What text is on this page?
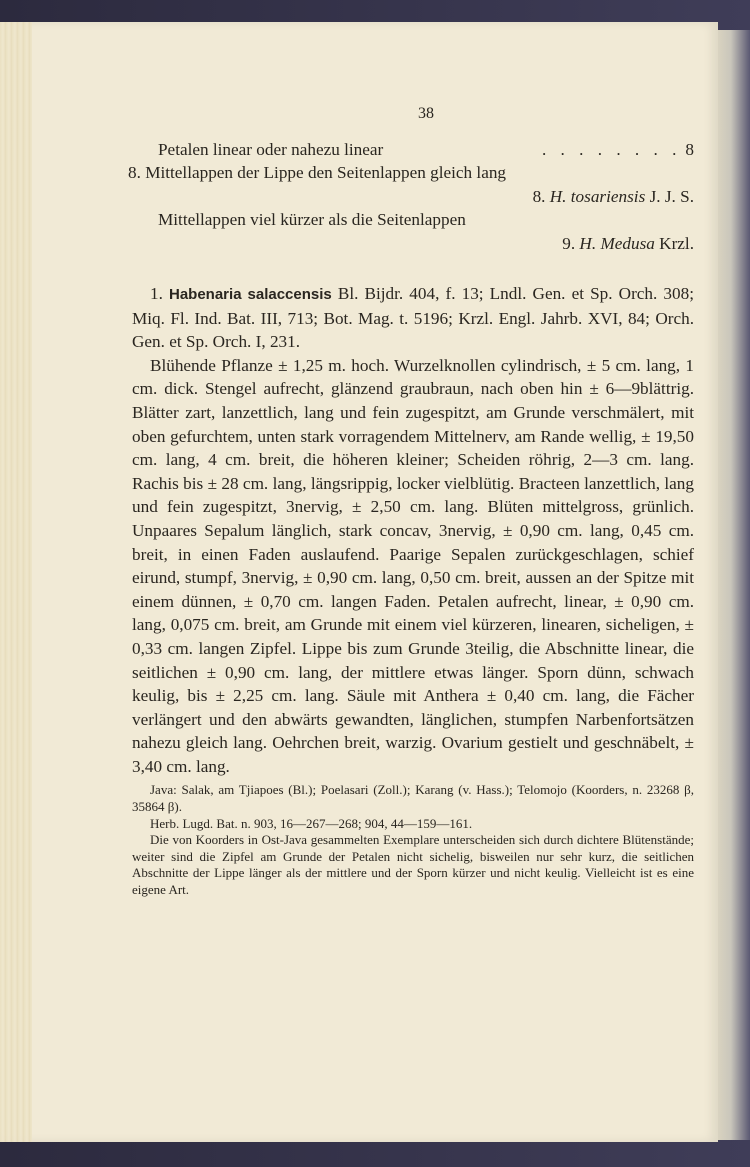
38
Petalen linear oder nahezu linear	. . . . . . . . 8
8. Mittellappen der Lippe den Seitenlappen gleich lang
8. H. tosariensis J. J. S.
Mittellappen viel kürzer als die Seitenlappen
9. H. Medusa Krzl.
1. Habenaria salaccensis Bl. Bijdr. 404, f. 13; Lndl. Gen. et Sp. Orch. 308; Miq. Fl. Ind. Bat. III, 713; Bot. Mag. t. 5196; Krzl. Engl. Jahrb. XVI, 84; Orch. Gen. et Sp. Orch. I, 231.
Blühende Pflanze ± 1,25 m. hoch. Wurzelknollen cylindrisch, ± 5 cm. lang, 1 cm. dick. Stengel aufrecht, glänzend graubraun, nach oben hin ± 6—9blättrig. Blätter zart, lanzettlich, lang und fein zugespitzt, am Grunde verschmälert, mit oben gefurchtem, unten stark vorragendem Mittelnerv, am Rande wellig, ± 19,50 cm. lang, 4 cm. breit, die höheren kleiner; Scheiden röhrig, 2—3 cm. lang. Rachis bis ± 28 cm. lang, längsrippig, locker vielblütig. Bracteen lanzettlich, lang und fein zugespitzt, 3nervig, ± 2,50 cm. lang. Blüten mittelgross, grünlich. Unpaares Sepalum länglich, stark concav, 3nervig, ± 0,90 cm. lang, 0,45 cm. breit, in einen Faden auslaufend. Paarige Sepalen zurückgeschlagen, schief eirund, stumpf, 3nervig, ± 0,90 cm. lang, 0,50 cm. breit, aussen an der Spitze mit einem dünnen, ± 0,70 cm. langen Faden. Petalen aufrecht, linear, ± 0,90 cm. lang, 0,075 cm. breit, am Grunde mit einem viel kürzeren, linearen, sicheligen, ± 0,33 cm. langen Zipfel. Lippe bis zum Grunde 3teilig, die Abschnitte linear, die seitlichen ± 0,90 cm. lang, der mittlere etwas länger. Sporn dünn, schwach keulig, bis ± 2,25 cm. lang. Säule mit Anthera ± 0,40 cm. lang, die Fächer verlängert und den abwärts gewandten, länglichen, stumpfen Narbenfortsätzen nahezu gleich lang. Oehrchen breit, warzig. Ovarium gestielt und geschnäbelt, ± 3,40 cm. lang.

Java: Salak, am Tjiapoes (Bl.); Poelasari (Zoll.); Karang (v. Hass.); Telomojo (Koorders, n. 23268 β, 35864 β).

Herb. Lugd. Bat. n. 903, 16—267—268; 904, 44—159—161.

Die von Koorders in Ost-Java gesammelten Exemplare unterscheiden sich durch dichtere Blütenstände; weiter sind die Zipfel am Grunde der Petalen nicht sichelig, bisweilen nur sehr kurz, die seitlichen Abschnitte der Lippe länger als der mittlere und der Sporn kürzer und nicht keulig. Vielleicht ist es eine eigene Art.
